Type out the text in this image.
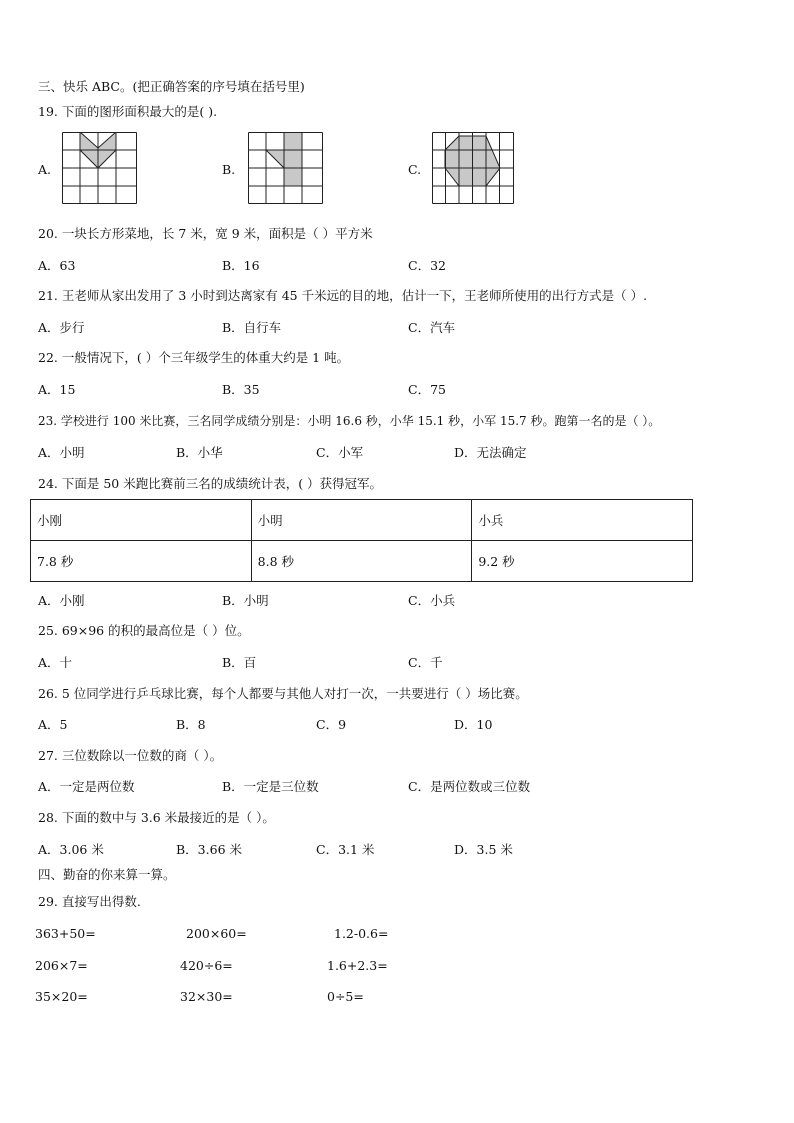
三、快乐 ABC。(把正确答案的序号填在括号里)
19. 下面的图形面积最大的是( ).
A.	B.	C.
20. 一块长方形菜地，长 7 米，宽 9 米，面积是（ ）平方米
A．63	B．16	C．32
21. 王老师从家出发用了 3 小时到达离家有 45 千米远的目的地，估计一下，王老师所使用的出行方式是（ ）.
A．步行	B．自行车	C．汽车
22. 一般情况下，( ）个三年级学生的体重大约是 1 吨。
A．15	B．35	C．75
23. 学校进行 100 米比赛，三名同学成绩分别是：小明 16.6 秒，小华 15.1 秒，小军 15.7 秒。跑第一名的是（ ）。
A．小明	B．小华	C．小军	D．无法确定
24. 下面是 50 米跑比赛前三名的成绩统计表，( ）获得冠军。
小刚	小明	小兵
7.8 秒	8.8 秒	9.2 秒
A．小刚	B．小明	C．小兵
25. 69×96 的积的最高位是（ ）位。
A．十	B．百	C．千
26. 5 位同学进行乒乓球比赛，每个人都要与其他人对打一次，一共要进行（ ）场比赛。
A．5	B．8	C．9	D．10
27. 三位数除以一位数的商（ ）。
A．一定是两位数	B．一定是三位数	C．是两位数或三位数
28. 下面的数中与 3.6 米最接近的是（ ）。
A．3.06 米	B．3.66 米	C．3.1 米	D．3.5 米
四、勤奋的你来算一算。
29. 直接写出得数.
363+50=	200×60=	1.2-0.6=
206×7=	420÷6=	1.6+2.3=
35×20=	32×30=	0÷5=
